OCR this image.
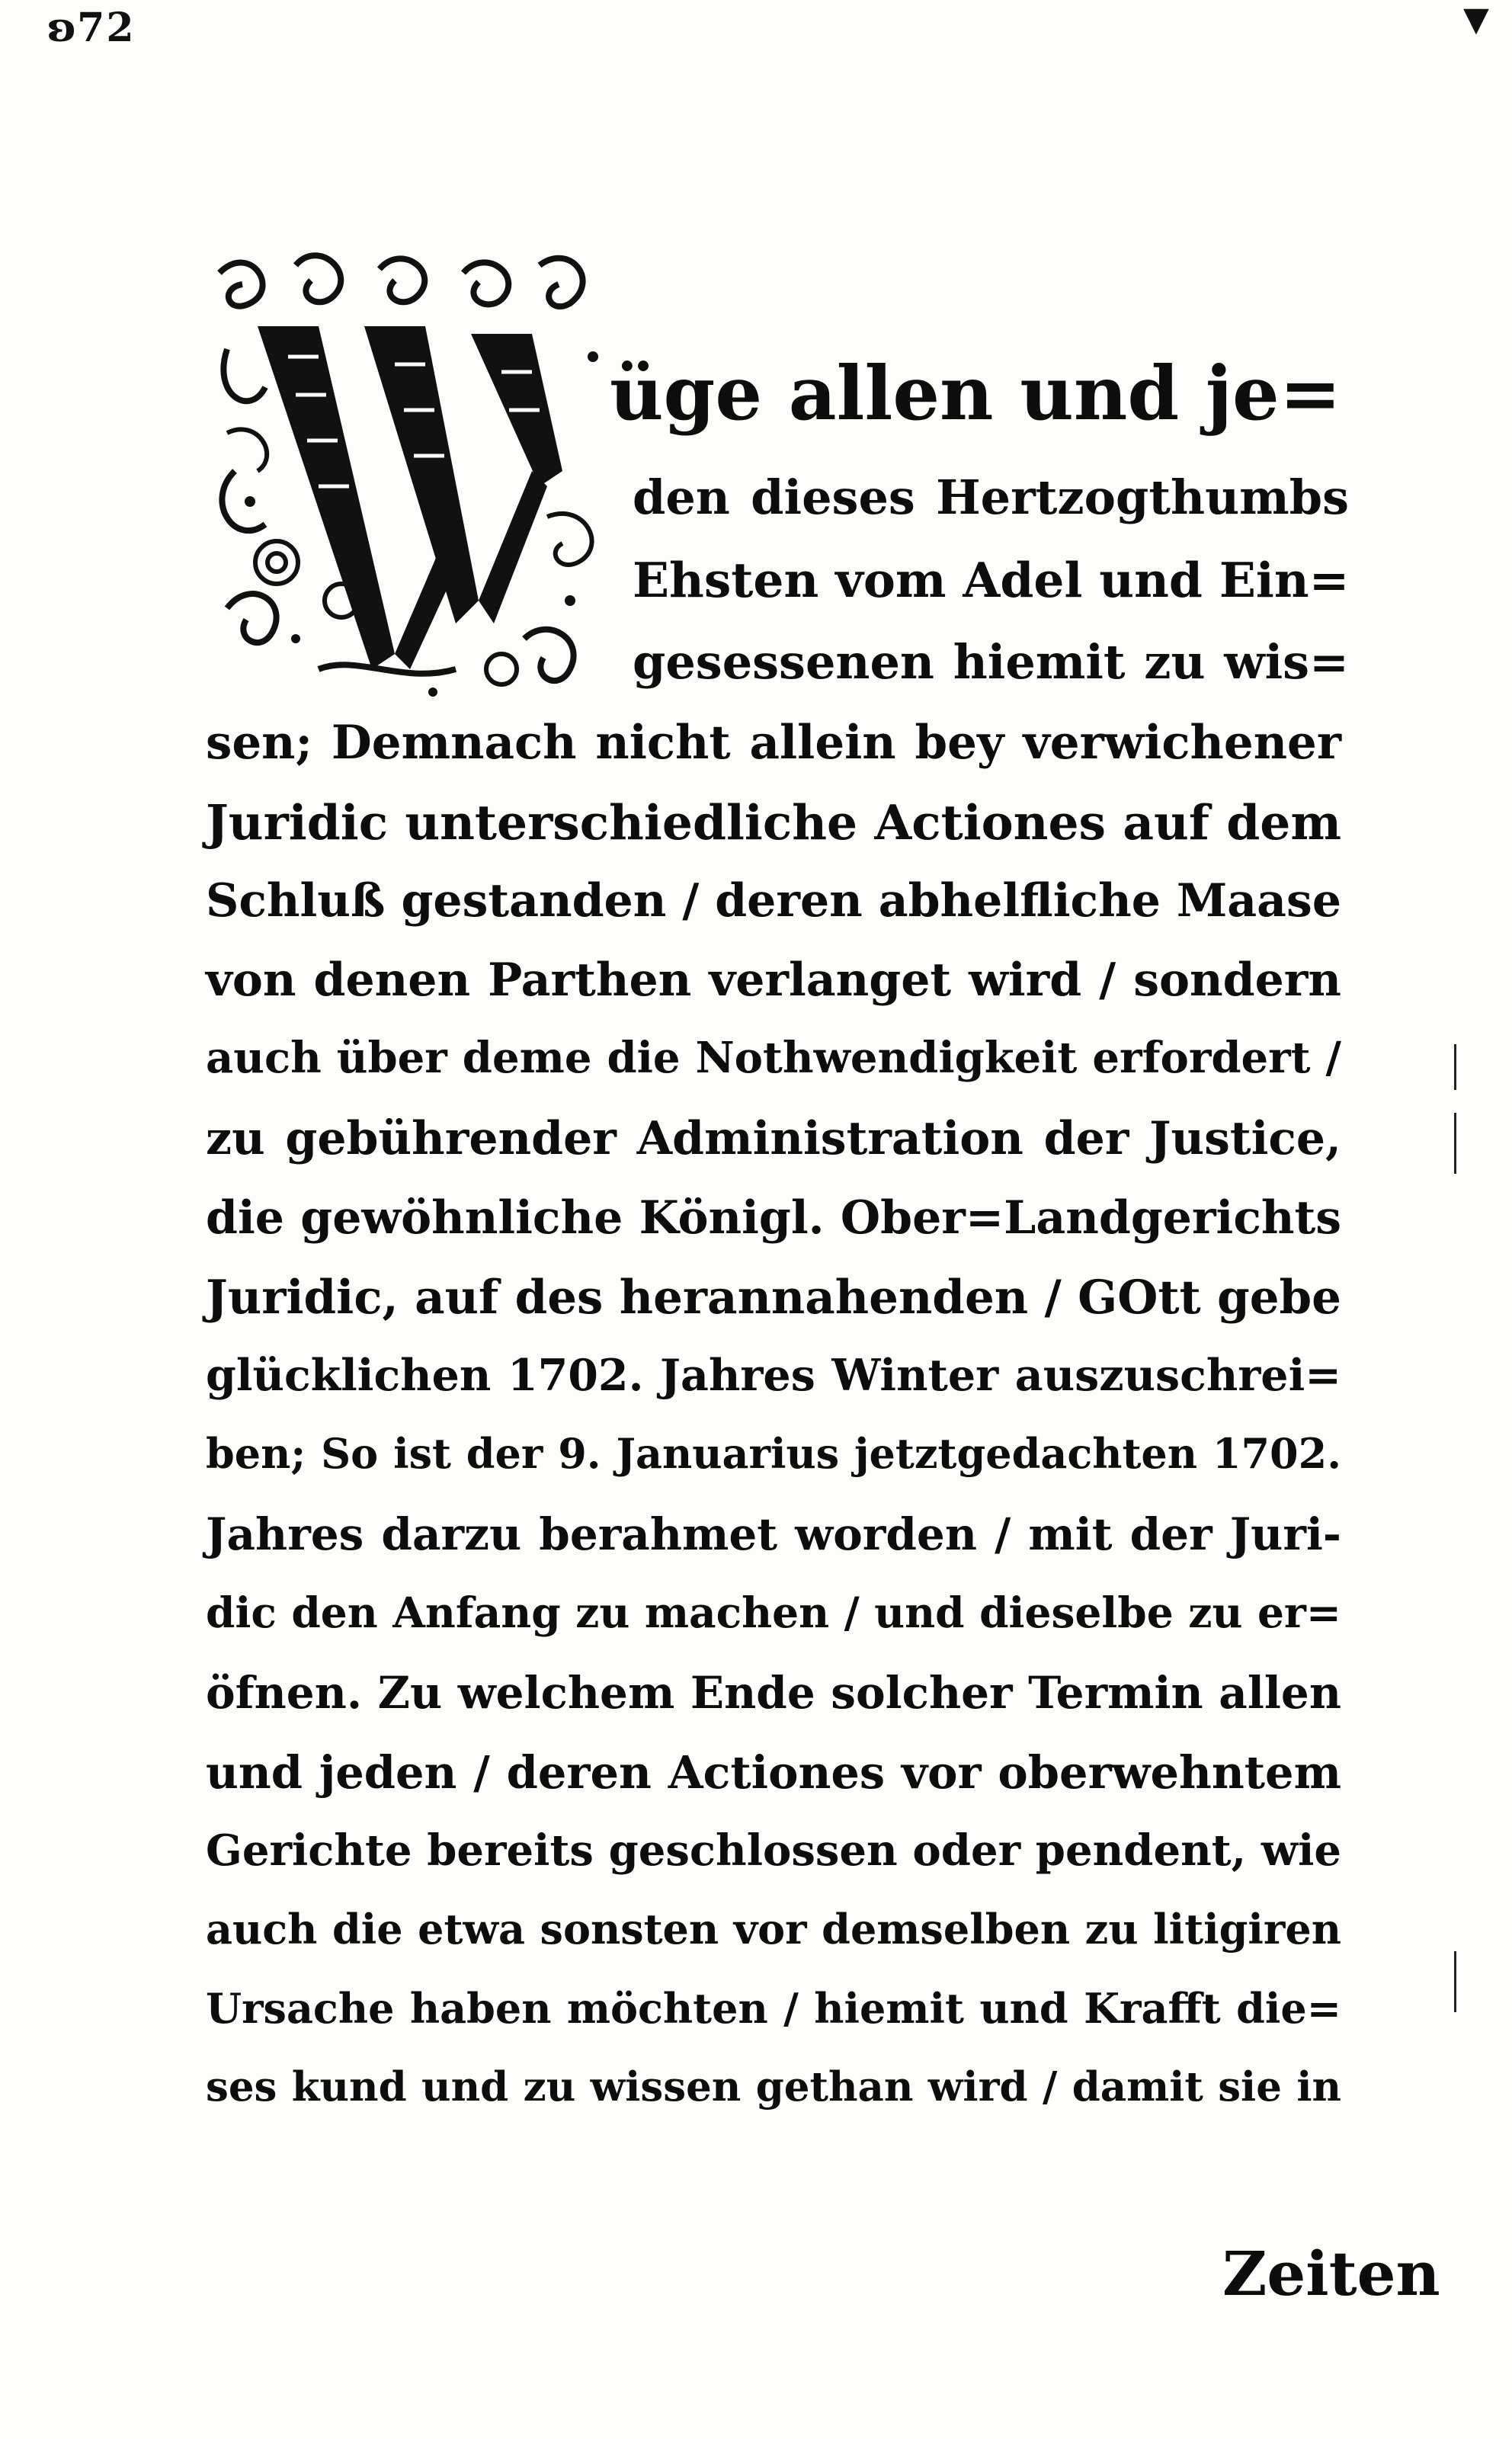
ʚ72	▼
üge allen und je=
den dieses Hertzogthumbs
Ehsten vom Adel und Ein=
gesessenen hiemit zu wis=
sen; Demnach nicht allein bey verwichener
Juridic unterschiedliche Actiones auf dem
Schluß gestanden / deren abhelfliche Maase
von denen Parthen verlanget wird / sondern
auch über deme die Nothwendigkeit erfordert /
zu gebührender Administration der Justice,
die gewöhnliche Königl. Ober=Landgerichts
Juridic, auf des herannahenden / GOtt gebe
glücklichen 1702. Jahres Winter auszuschrei=
ben; So ist der 9. Januarius jetztgedachten 1702.
Jahres darzu berahmet worden / mit der Juri-
dic den Anfang zu machen / und dieselbe zu er=
öfnen. Zu welchem Ende solcher Termin allen
und jeden / deren Actiones vor oberwehntem
Gerichte bereits geschlossen oder pendent, wie
auch die etwa sonsten vor demselben zu litigiren
Ursache haben möchten / hiemit und Krafft die=
ses kund und zu wissen gethan wird / damit sie in
Zeiten
